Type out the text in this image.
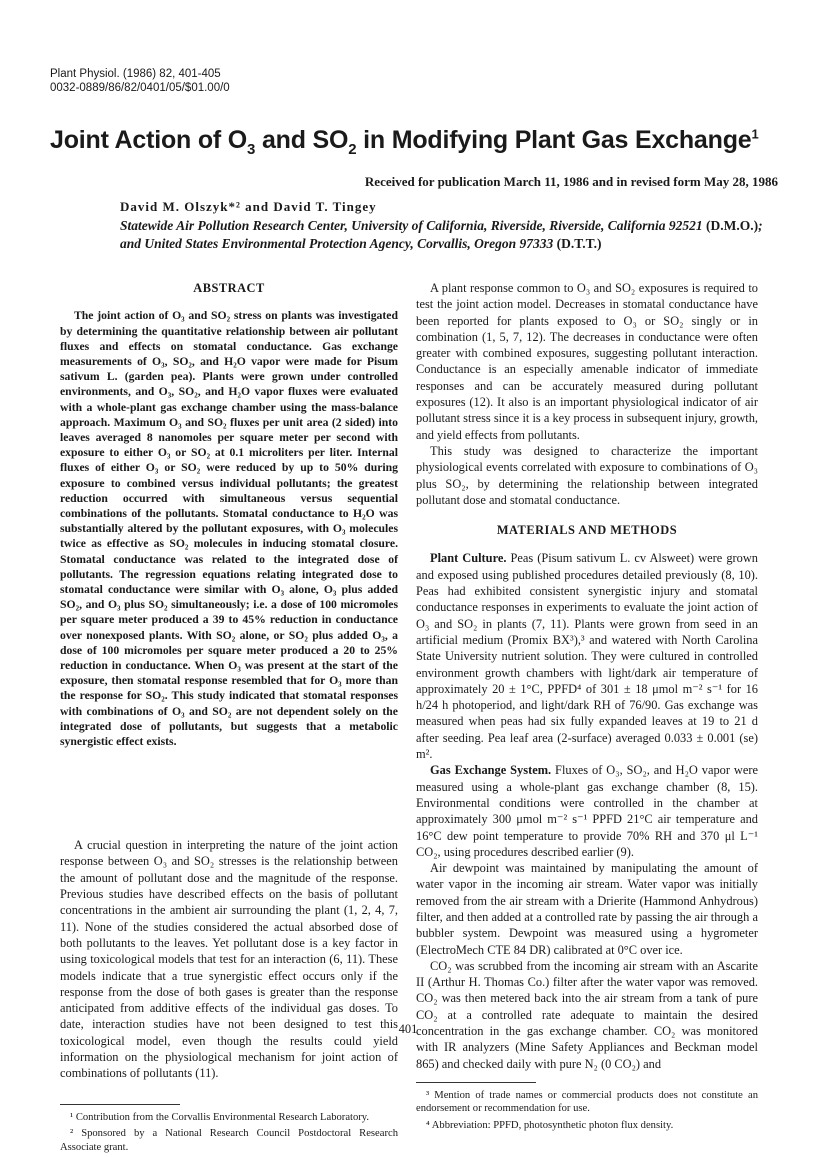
Plant Physiol. (1986) 82, 401-405
0032-0889/86/82/0401/05/$01.00/0
Joint Action of $O_3$ and $SO_2$ in Modifying Plant Gas Exchange$^1$
Received for publication March 11, 1986 and in revised form May 28, 1986
David M. Olszyk*² and David T. Tingey
Statewide Air Pollution Research Center, University of California, Riverside, Riverside, California 92521 (D.M.O.); and United States Environmental Protection Agency, Corvallis, Oregon 97333 (D.T.T.)
ABSTRACT

The joint action of O₃ and SO₂ stress on plants was investigated by determining the quantitative relationship between air pollutant fluxes and effects on stomatal conductance. Gas exchange measurements of O₃, SO₂, and H₂O vapor were made for Pisum sativum L. (garden pea). Plants were grown under controlled environments, and O₃, SO₂, and H₂O vapor fluxes were evaluated with a whole-plant gas exchange chamber using the mass-balance approach. Maximum O₃ and SO₂ fluxes per unit area (2 sided) into leaves averaged 8 nanomoles per square meter per second with exposure to either O₃ or SO₂ at 0.1 microliters per liter. Internal fluxes of either O₃ or SO₂ were reduced by up to 50% during exposure to combined versus individual pollutants; the greatest reduction occurred with simultaneous versus sequential combinations of the pollutants. Stomatal conductance to H₂O was substantially altered by the pollutant exposures, with O₃ molecules twice as effective as SO₂ molecules in inducing stomatal closure. Stomatal conductance was related to the integrated dose of pollutants. The regression equations relating integrated dose to stomatal conductance were similar with O₃ alone, O₃ plus added SO₂, and O₃ plus SO₂ simultaneously; i.e. a dose of 100 micromoles per square meter produced a 39 to 45% reduction in conductance over nonexposed plants. With SO₂ alone, or SO₂ plus added O₃, a dose of 100 micromoles per square meter produced a 20 to 25% reduction in conductance. When O₃ was present at the start of the exposure, then stomatal response resembled that for O₃ more than the response for SO₂. This study indicated that stomatal responses with combinations of O₃ and SO₂ are not dependent solely on the integrated dose of pollutants, but suggests that a metabolic synergistic effect exists.

A crucial question in interpreting the nature of the joint action response between O₃ and SO₂ stresses is the relationship between the amount of pollutant dose and the magnitude of the response. Previous studies have described effects on the basis of pollutant concentrations in the ambient air surrounding the plant (1, 2, 4, 7, 11). None of the studies considered the actual absorbed dose of both pollutants to the leaves. Yet pollutant dose is a key factor in using toxicological models that test for an interaction (6, 11). These models indicate that a true synergistic effect occurs only if the response from the dose of both gases is greater than the response anticipated from additive effects of the individual gas doses. To date, interaction studies have not been designed to test this toxicological model, even though the results could yield information on the physiological mechanism for joint action of combinations of pollutants (11).

¹ Contribution from the Corvallis Environmental Research Laboratory.

² Sponsored by a National Research Council Postdoctoral Research Associate grant.

A plant response common to O₃ and SO₂ exposures is required to test the joint action model. Decreases in stomatal conductance have been reported for plants exposed to O₃ or SO₂ singly or in combination (1, 5, 7, 12). The decreases in conductance were often greater with combined exposures, suggesting pollutant interaction. Conductance is an especially amenable indicator of immediate responses and can be accurately measured during pollutant exposures (12). It also is an important physiological indicator of air pollutant stress since it is a key process in subsequent injury, growth, and yield effects from pollutants.

This study was designed to characterize the important physiological events correlated with exposure to combinations of O₃ plus SO₂, by determining the relationship between integrated pollutant dose and stomatal conductance.

MATERIALS AND METHODS

Plant Culture. Peas (Pisum sativum L. cv Alsweet) were grown and exposed using published procedures detailed previously (8, 10). Peas had exhibited consistent synergistic injury and stomatal conductance responses in experiments to evaluate the joint action of O₃ and SO₂ in plants (7, 11). Plants were grown from seed in an artificial medium (Promix BX³),³ and watered with North Carolina State University nutrient solution. They were cultured in controlled environment growth chambers with light/dark air temperature of approximately 20 ± 1°C, PPFD⁴ of 301 ± 18 μmol m⁻² s⁻¹ for 16 h/24 h photoperiod, and light/dark RH of 76/90. Gas exchange was measured when peas had six fully expanded leaves at 19 to 21 d after seeding. Pea leaf area (2-surface) averaged 0.033 ± 0.001 (se) m².

Gas Exchange System. Fluxes of O₃, SO₂, and H₂O vapor were measured using a whole-plant gas exchange chamber (8, 15). Environmental conditions were controlled in the chamber at approximately 300 μmol m⁻² s⁻¹ PPFD 21°C air temperature and 16°C dew point temperature to provide 70% RH and 370 μl L⁻¹ CO₂, using procedures described earlier (9).

Air dewpoint was maintained by manipulating the amount of water vapor in the incoming air stream. Water vapor was initially removed from the air stream with a Drierite (Hammond Anhydrous) filter, and then added at a controlled rate by passing the air through a bubbler system. Dewpoint was measured using a hygrometer (ElectroMech CTE 84 DR) calibrated at 0°C over ice.

CO₂ was scrubbed from the incoming air stream with an Ascarite II (Arthur H. Thomas Co.) filter after the water vapor was removed. CO₂ was then metered back into the air stream from a tank of pure CO₂ at a controlled rate adequate to maintain the desired concentration in the gas exchange chamber. CO₂ was monitored with IR analyzers (Mine Safety Appliances and Beckman model 865) and checked daily with pure N₂ (0 CO₂) and

³ Mention of trade names or commercial products does not constitute an endorsement or recommendation for use.

⁴ Abbreviation: PPFD, photosynthetic photon flux density.

401
